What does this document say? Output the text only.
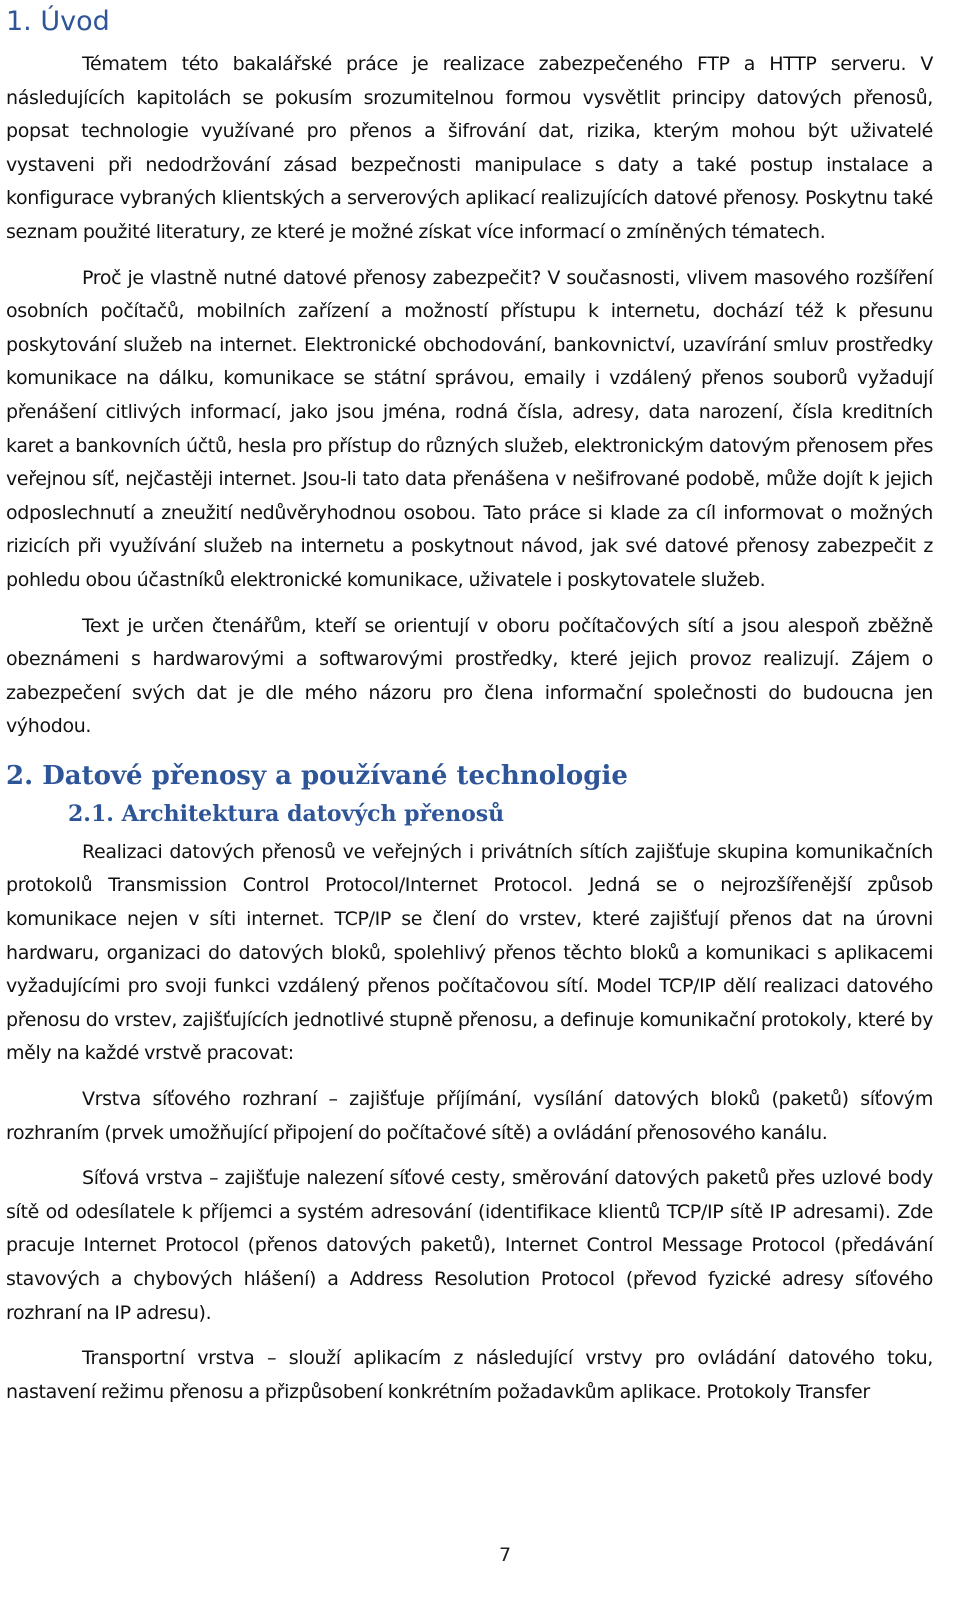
1. Úvod

Tématem této bakalářské práce je realizace zabezpečeného FTP a HTTP serveru. V následujících kapitolách se pokusím srozumitelnou formou vysvětlit principy datových přenosů, popsat technologie využívané pro přenos a šifrování dat, rizika, kterým mohou být uživatelé vystaveni při nedodržování zásad bezpečnosti manipulace s daty a také postup instalace a konfigurace vybraných klientských a serverových aplikací realizujících datové přenosy. Poskytnu také seznam použité literatury, ze které je možné získat více informací o zmíněných tématech.

Proč je vlastně nutné datové přenosy zabezpečit? V současnosti, vlivem masového rozšíření osobních počítačů, mobilních zařízení a možností přístupu k internetu, dochází též k přesunu poskytování služeb na internet. Elektronické obchodování, bankovnictví, uzavírání smluv prostředky komunikace na dálku, komunikace se státní správou, emaily i vzdálený přenos souborů vyžadují přenášení citlivých informací, jako jsou jména, rodná čísla, adresy, data narození, čísla kreditních karet a bankovních účtů, hesla pro přístup do různých služeb, elektronickým datovým přenosem přes veřejnou síť, nejčastěji internet. Jsou-li tato data přenášena v nešifrované podobě, může dojít k jejich odposlechnutí a zneužití nedůvěryhodnou osobou. Tato práce si klade za cíl informovat o možných rizicích při využívání služeb na internetu a poskytnout návod, jak své datové přenosy zabezpečit z pohledu obou účastníků elektronické komunikace, uživatele i poskytovatele služeb.

Text je určen čtenářům, kteří se orientují v oboru počítačových sítí a jsou alespoň zběžně obeznámeni s hardwarovými a softwarovými prostředky, které jejich provoz realizují. Zájem o zabezpečení svých dat je dle mého názoru pro člena informační společnosti do budoucna jen výhodou.

2. Datové přenosy a používané technologie
2.1. Architektura datových přenosů

Realizaci datových přenosů ve veřejných i privátních sítích zajišťuje skupina komunikačních protokolů Transmission Control Protocol/Internet Protocol. Jedná se o nejrozšířenější způsob komunikace nejen v síti internet. TCP/IP se člení do vrstev, které zajišťují přenos dat na úrovni hardwaru, organizaci do datových bloků, spolehlivý přenos těchto bloků a komunikaci s aplikacemi vyžadujícími pro svoji funkci vzdálený přenos počítačovou sítí. Model TCP/IP dělí realizaci datového přenosu do vrstev, zajišťujících jednotlivé stupně přenosu, a definuje komunikační protokoly, které by měly na každé vrstvě pracovat:

Vrstva síťového rozhraní – zajišťuje příjímání, vysílání datových bloků (paketů) síťovým rozhraním (prvek umožňující připojení do počítačové sítě) a ovládání přenosového kanálu.

Síťová vrstva – zajišťuje nalezení síťové cesty, směrování datových paketů přes uzlové body sítě od odesílatele k příjemci a systém adresování (identifikace klientů TCP/IP sítě IP adresami). Zde pracuje Internet Protocol (přenos datových paketů), Internet Control Message Protocol (předávání stavových a chybových hlášení) a Address Resolution Protocol (převod fyzické adresy síťového rozhraní na IP adresu).

Transportní vrstva – slouží aplikacím z následující vrstvy pro ovládání datového toku, nastavení režimu přenosu a přizpůsobení konkrétním požadavkům aplikace. Protokoly Transfer

7
